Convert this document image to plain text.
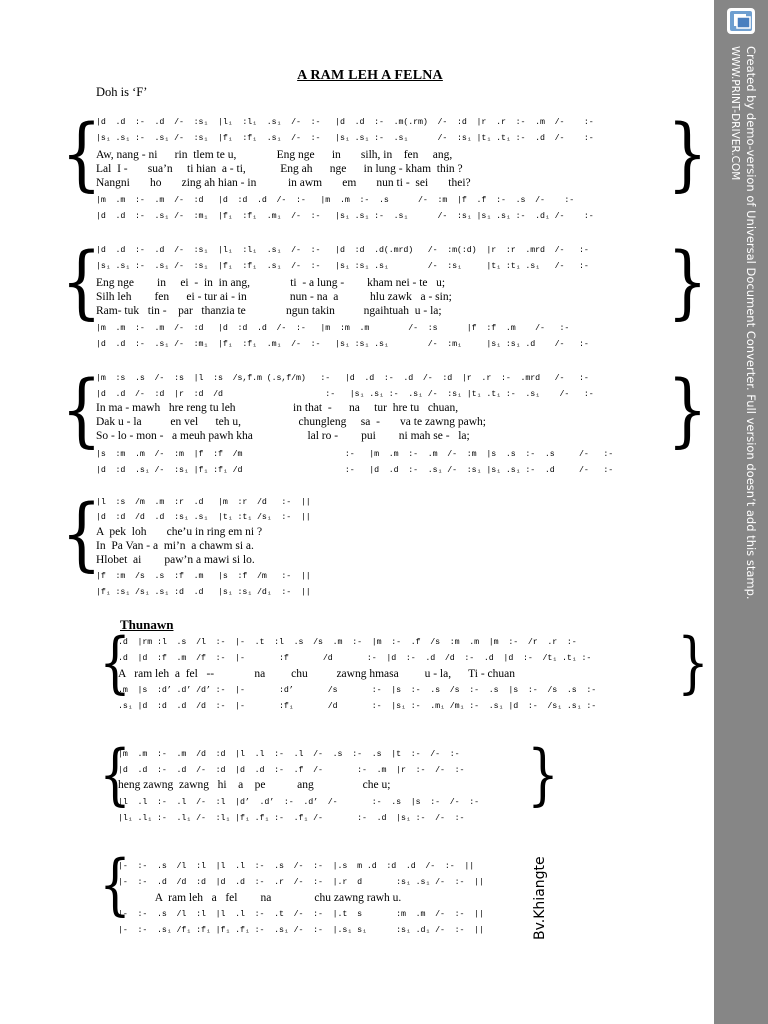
A RAM LEH A FELNA
Doh is ‘F’
{	}
|d  .d  :-  .d  /-  :s₁  |l₁  :l₁  .s₁  /-  :-   |d  .d  :-  .m(.rm)  /-  :d  |r  .r  :-  .m  /-    :-
|s₁ .s₁ :-  .s₁ /-  :s₁  |f₁  :f₁  .s₁  /-  :-   |s₁ .s₁ :-  .s₁      /-  :s₁ |t₁ .t₁ :-  .d  /-    :-
Aw, nang - ni      rin  tlem te u,              Eng nge      in       silh, in    fen     ang,
Lal  I -       sua’n     ti hian  a - ti,            Eng ah      nge      in lung - kham  thin ?
Nangni       ho       zing ah hian - in           in awm       em       nun ti -  sei       thei?
|m  .m  :-  .m  /-  :d   |d  :d  .d  /-  :-   |m  .m  :-  .s      /-  :m  |f  .f  :-  .s  /-    :-
|d  .d  :-  .s₁ /-  :m₁  |f₁  :f₁  .m₁  /-  :-   |s₁ .s₁ :-  .s₁      /-  :s₁ |s₁ .s₁ :-  .d₁ /-    :-
{	}
|d  .d  :-  .d  /-  :s₁  |l₁  :l₁  .s₁  /-  :-   |d  :d  .d(.mrd)   /-  :m(:d)  |r  :r  .mrd  /-   :-
|s₁ .s₁ :-  .s₁ /-  :s₁  |f₁  :f₁  .s₁  /-  :-   |s₁ :s₁ .s₁        /-  :s₁     |t₁ :t₁ .s₁   /-   :-
Eng nge        in     ei  -  in  in ang,              ti  - a lung -        kham nei - te   u;
Silh leh        fen      ei - tur ai - in               nun - na  a           hlu zawk   a - sin;
Ram- tuk   tin -    par   thanzia te              ngun takin          ngaihtuah  u - la;
|m  .m  :-  .m  /-  :d   |d  :d  .d  /-  :-   |m  :m  .m        /-  :s      |f  :f  .m    /-   :-
|d  .d  :-  .s₁ /-  :m₁  |f₁  :f₁  .m₁  /-  :-   |s₁ :s₁ .s₁        /-  :m₁     |s₁ :s₁ .d    /-   :-
{	}
|m  :s  .s  /-  :s  |l  :s  /s,f.m (.s,f/m)   :-   |d  .d  :-  .d  /-  :d  |r  .r  :-  .mrd   /-   :-
|d  .d  /-  :d  |r  :d  /d                     :-   |s₁ .s₁ :-  .s₁ /-  :s₁ |t₁ .t₁ :-  .s₁    /-   :-
In ma - mawh   hre reng tu leh                    in that  -      na     tur  hre tu   chuan,
Dak u - la          en vel      teh u,                    chungleng     sa  -       va te zawng pawh;
So - lo - mon -   a meuh pawh kha                   lal ro -        pui        ni mah se -   la;
|s  :m  .m  /-  :m  |f  :f  /m                     :-   |m  .m  :-  .m  /-  :m  |s  .s  :-  .s     /-   :-
|d  :d  .s₁ /-  :s₁ |f₁ :f₁ /d                     :-   |d  .d  :-  .s₁ /-  :s₁ |s₁ .s₁ :-  .d     /-   :-
{
|l  :s  /m  .m  :r  .d   |m  :r  /d   :-  ||
|d  :d  /d  .d  :s₁ .s₁  |t₁ :t₁ /s₁  :-  ||
A  pek  loh       che’u in ring em ni ?
In  Pa Van - a  mi’n  a chawm si a.
Hlobet  ai        paw’n a mawi si lo.
|f  :m  /s  .s  :f  .m   |s  :f  /m   :-  ||
|f₁ :s₁ /s₁ .s₁ :d  .d   |s₁ :s₁ /d₁  :-  ||
Thunawn
{	}
.d  |rm :l  .s  /l  :-  |-  .t  :l  .s  /s  .m  :-  |m  :-  .f  /s  :m  .m  |m  :-  /r  .r  :-
.d  |d  :f  .m  /f  :-  |-       :f       /d       :-  |d  :-  .d  /d  :-  .d  |d  :-  /t₁ .t₁ :-
A   ram leh  a  fel   --              na         chu          zawng hmasa         u - la,      Ti - chuan
.m  |s  :d’ .d’ /d’ :-  |-       :d’       /s       :-  |s  :-  .s  /s  :-  .s  |s  :-  /s  .s  :-
.s₁ |d  :d  .d  /d  :-  |-       :f₁       /d       :-  |s₁ :-  .m₁ /m₁ :-  .s₁ |d  :-  /s₁ .s₁ :-
{	}
|m  .m  :-  .m  /d  :d  |l  .l  :-  .l  /-  .s  :-  .s  |t  :-  /-  :-
|d  .d  :-  .d  /-  :d  |d  .d  :-  .f  /-       :-  .m  |r  :-  /-  :-
heng zawng  zawng   hi    a    pe           ang                 che u;
|l  .l  :-  .l  /-  :l  |d’  .d’  :-  .d’  /-       :-  .s  |s  :-  /-  :-
|l₁ .l₁ :-  .l₁ /-  :l₁ |f₁ .f₁ :-  .f₁ /-       :-  .d  |s₁ :-  /-  :-
{
|-  :-  .s  /l  :l  |l  .l  :-  .s  /-  :-  |.s  m .d  :d  .d  /-  :-  ||
|-  :-  .d  /d  :d  |d  .d  :-  .r  /-  :-  |.r  d       :s₁ .s₁ /-  :-  ||
A  ram leh   a   fel        na               chu zawng rawh u.
|-  :-  .s  /l  :l  |l  .l  :-  .t  /-  :-  |.t  s       :m  .m  /-  :-  ||
|-  :-  .s₁ /f₁ :f₁ |f₁ .f₁ :-  .s₁ /-  :-  |.s₁ s₁      :s₁ .d₁ /-  :-  ||	Bv.Khiangte
Created by demo-version of Universal Document Converter. Full version doesn’t add this stamp.
WWW.PRINT-DRIVER.COM
